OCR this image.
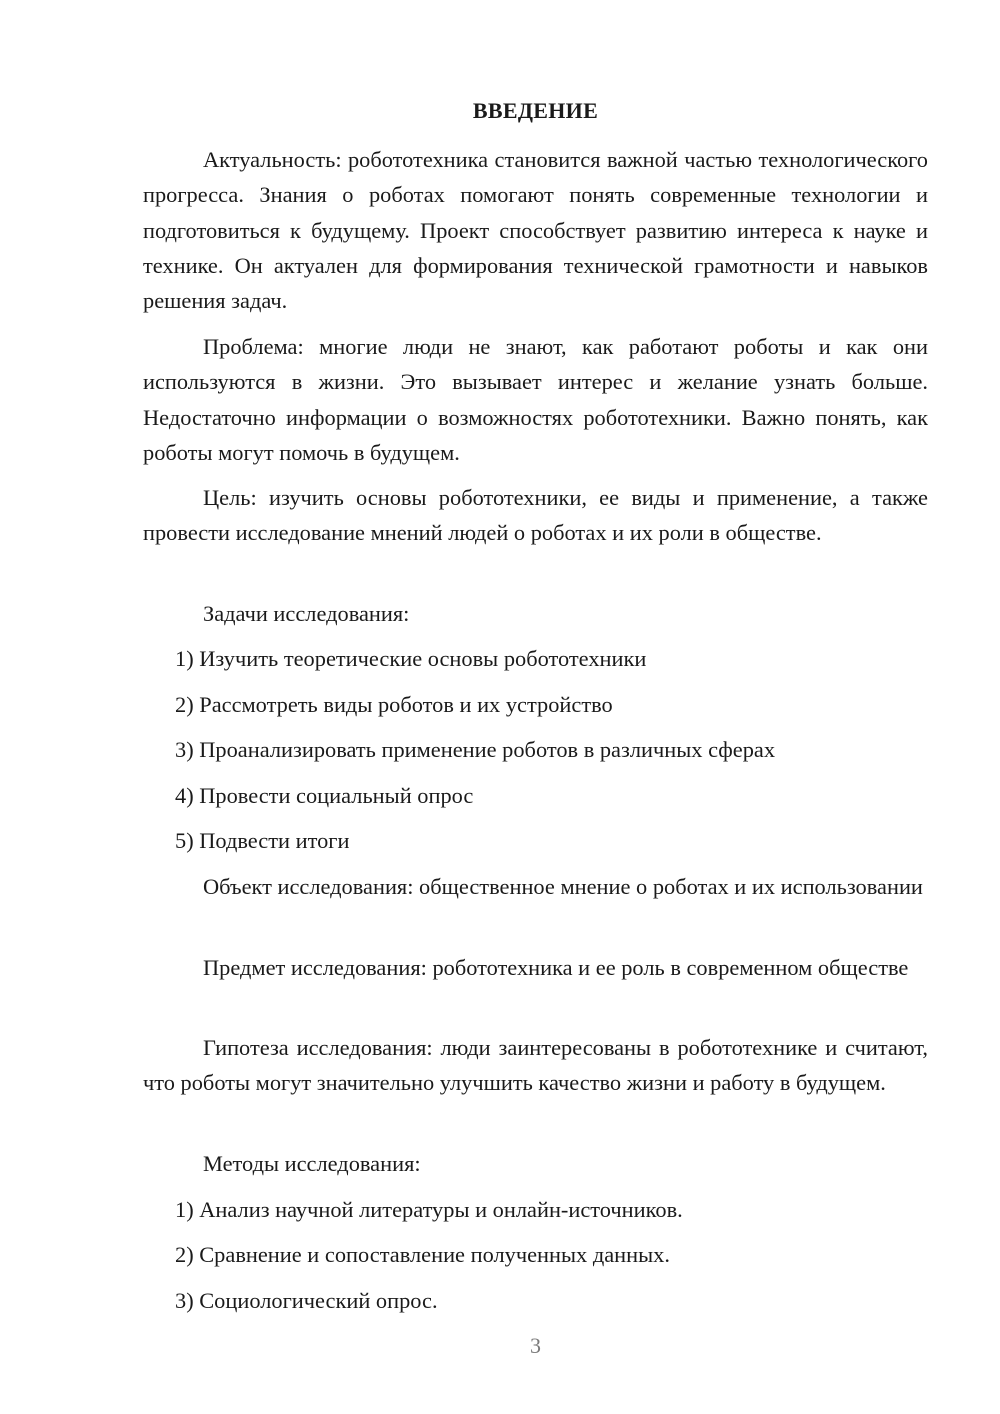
ВВЕДЕНИЕ

Актуальность: робототехника становится важной частью технологического прогресса. Знания о роботах помогают понять современные технологии и подготовиться к будущему. Проект способствует развитию интереса к науке и технике. Он актуален для формирования технической грамотности и навыков решения задач.

Проблема: многие люди не знают, как работают роботы и как они используются в жизни. Это вызывает интерес и желание узнать больше. Недостаточно информации о возможностях робототехники. Важно понять, как роботы могут помочь в будущем.

Цель: изучить основы робототехники, ее виды и применение, а также провести исследование мнений людей о роботах и их роли в обществе.

Задачи исследования:

1) Изучить теоретические основы робототехники

2) Рассмотреть виды роботов и их устройство

3) Проанализировать применение роботов в различных сферах

4) Провести социальный опрос

5) Подвести итоги

Объект исследования: общественное мнение о роботах и их использовании

Предмет исследования: робототехника и ее роль в современном обществе

Гипотеза исследования: люди заинтересованы в робототехнике и считают, что роботы могут значительно улучшить качество жизни и работу в будущем.

Методы исследования:

1) Анализ научной литературы и онлайн-источников.

2) Сравнение и сопоставление полученных данных.

3) Социологический опрос.

3
